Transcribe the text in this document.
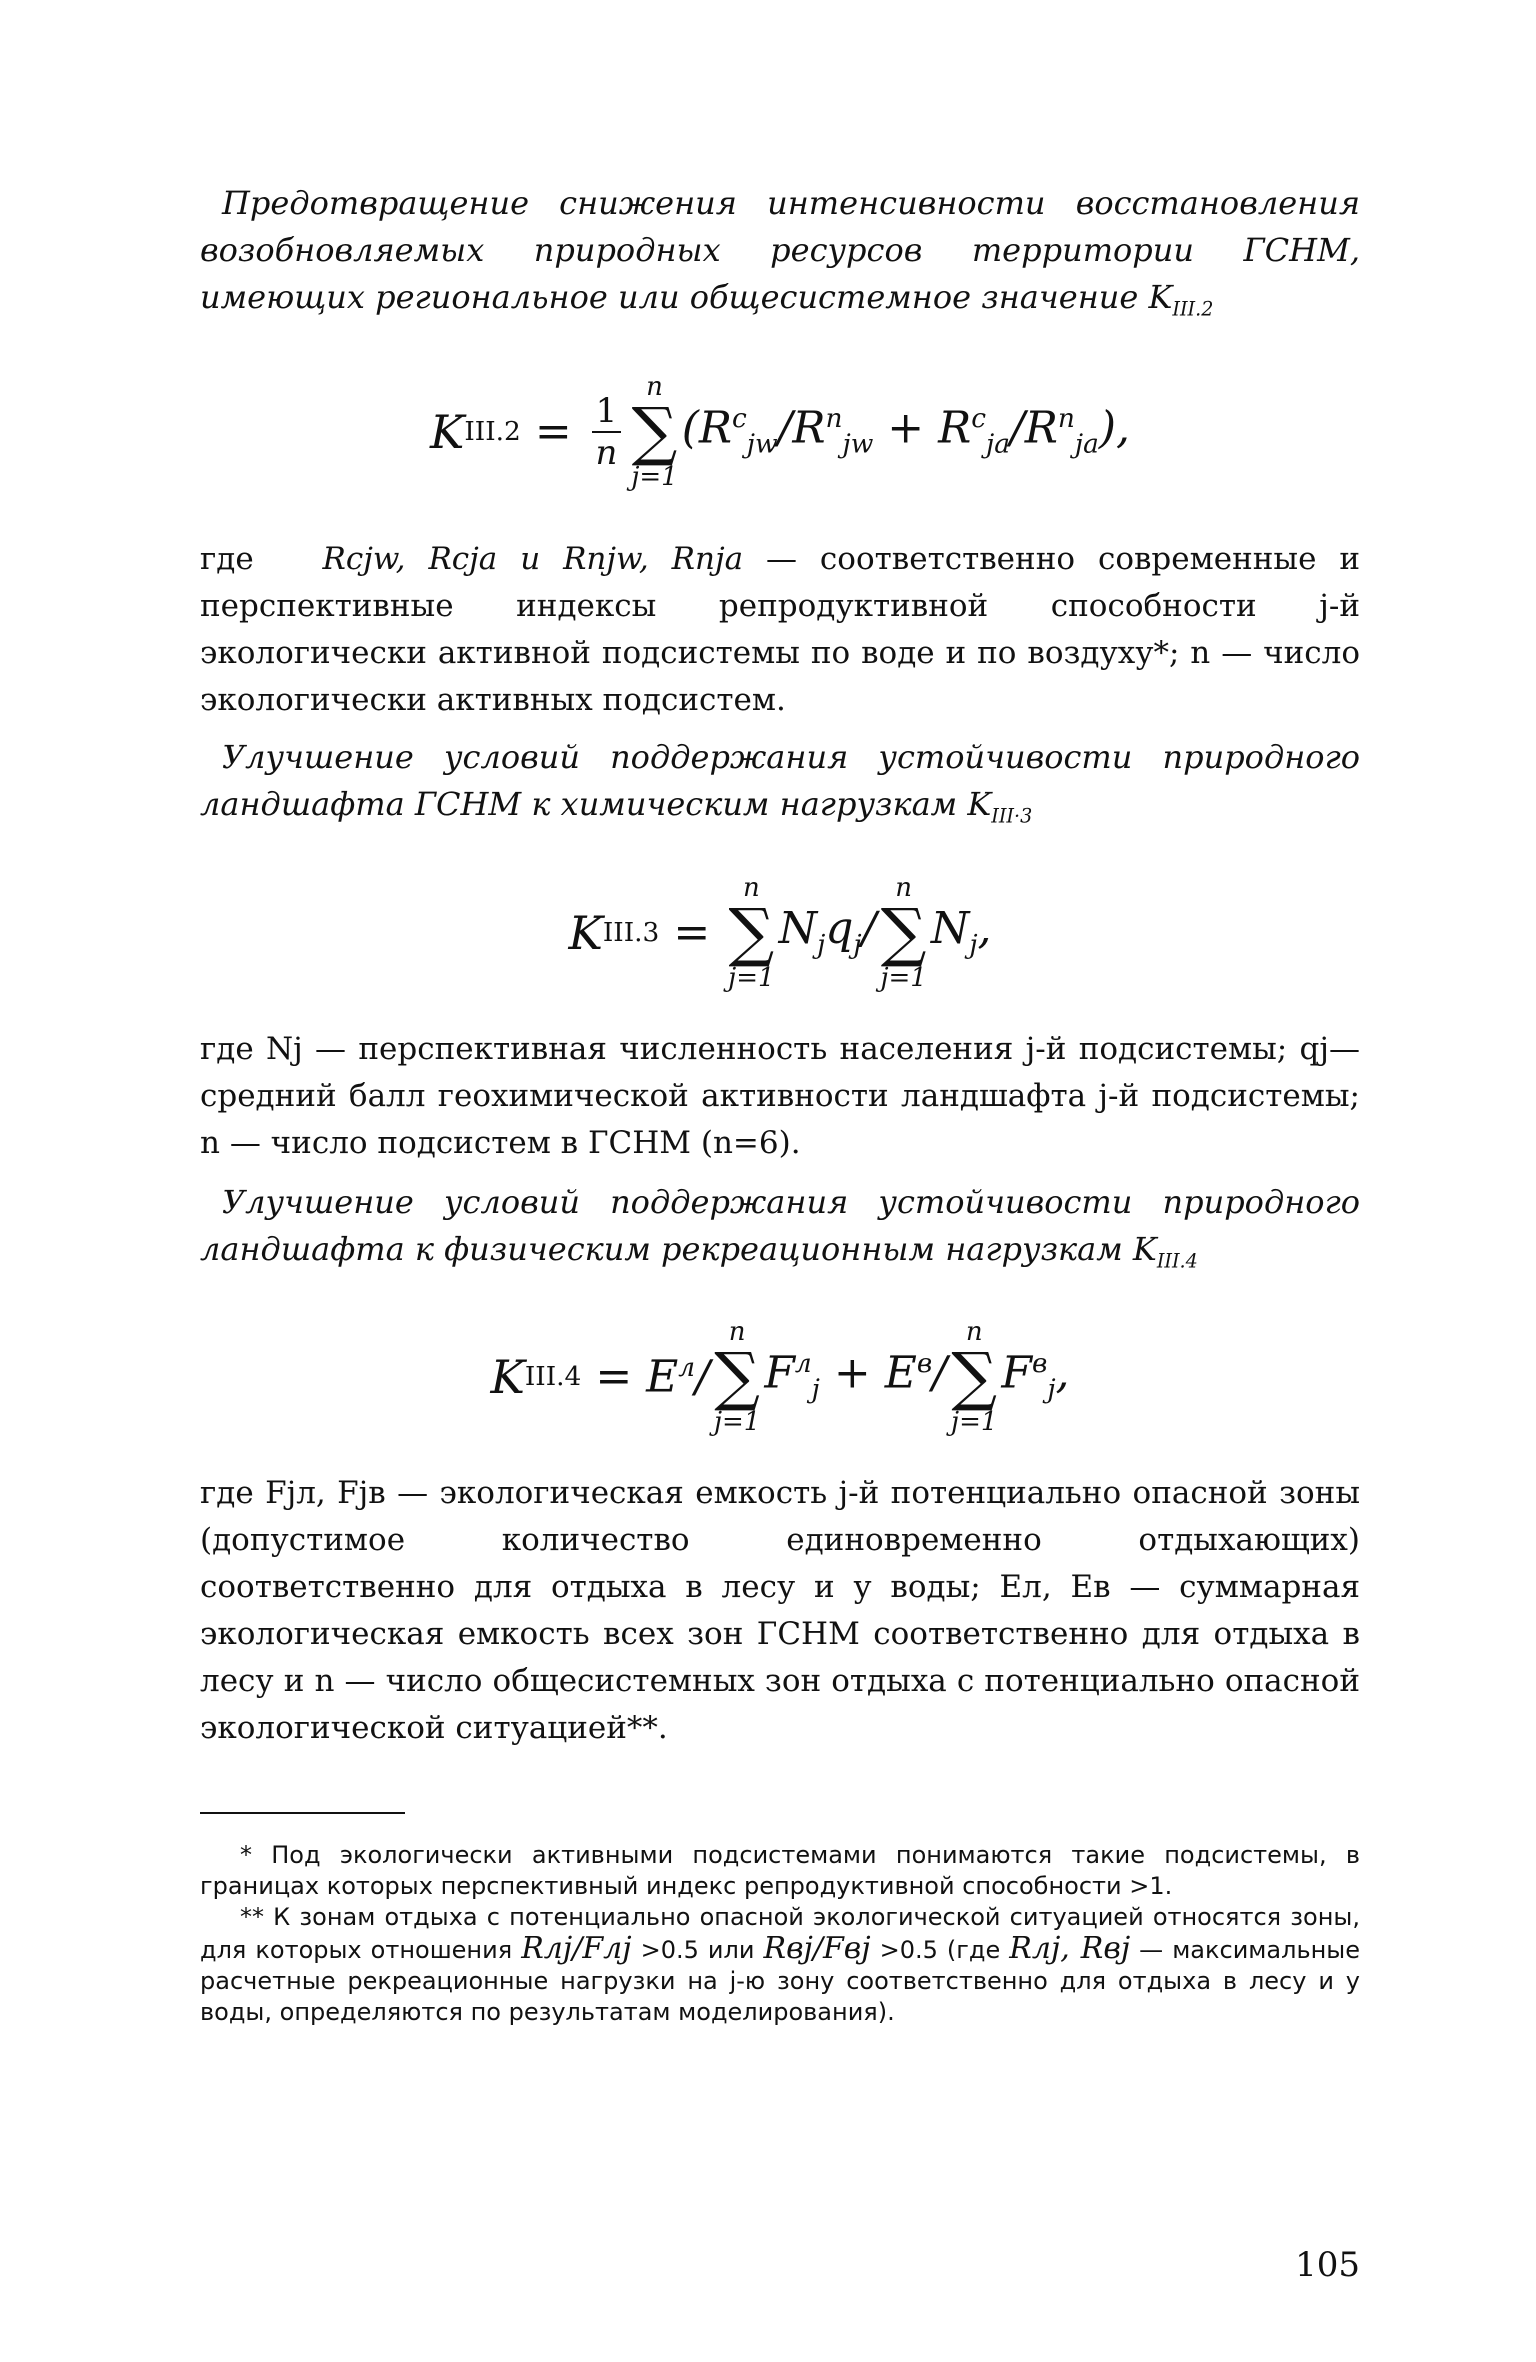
Предотвращение снижения интенсивности восстановления возобновляемых природных ресурсов территории ГСНМ, имеющих региональное или общесистемное значение $K_{III.2}$

K $III.2 = \frac{1}{n}$
n
∑
j=1
$(R^c_{jw}/R^п_{jw} + R^c_{ja}/R^п_{ja})$,

где Rcjw, Rcja и Rпjw, Rпja — соответственно современные и перспективные индексы репродуктивной способности j-й экологически активной подсистемы по воде и по воздуху*; n — число экологически активных подсистем.

Улучшение условий поддержания устойчивости природного ландшафта ГСНМ к химическим нагрузкам $K_{III\cdot 3}$

K III.3 =
n
∑
j=1
$N_jq_j/$
n
∑
j=1
$N_j$,

где Nj — перспективная численность населения j-й подсистемы; qj— средний балл геохимической активности ландшафта j-й подсистемы; n — число подсистем в ГСНМ (n=6).

Улучшение условий поддержания устойчивости природного ландшафта к физическим рекреационным нагрузкам $K_{III.4}$

K $III.4 = E^л/$
n
∑
j=1
$F^л_j + E^в/$
n
∑
j=1
$F^в_j$,

где Fjл, Fjв — экологическая емкость j-й потенциально опасной зоны (допустимое количество единовременно отдыхающих) соответственно для отдыха в лесу и у воды; Eл, Eв — суммарная экологическая емкость всех зон ГСНМ соответственно для отдыха в лесу и n — число общесистемных зон отдыха с потенциально опасной экологической ситуацией**.

* Под экологически активными подсистемами понимаются такие подсистемы, в границах которых перспективный индекс репродуктивной способности >1.

** К зонам отдыха с потенциально опасной экологической ситуацией относятся зоны, для которых отношения Rлj/Fлj >0.5 или Rвj/Fвj >0.5 (где Rлj, Rвj — максимальные расчетные рекреационные нагрузки на j-ю зону соответственно для отдыха в лесу и у воды, определяются по результатам моделирования).

105
